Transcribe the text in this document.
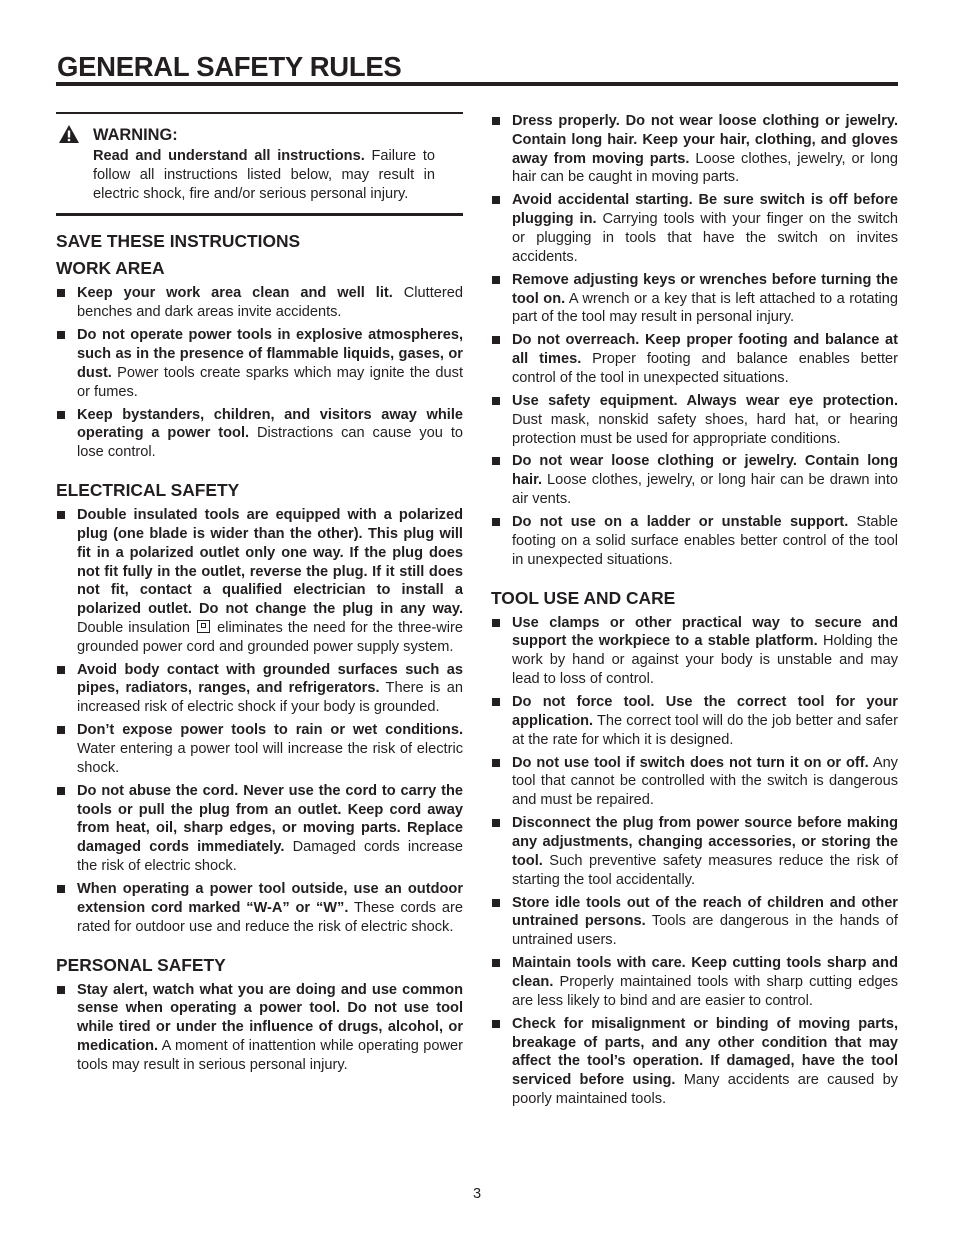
GENERAL SAFETY RULES
WARNING:
Read and understand all instructions. Failure to follow all instructions listed below, may result in electric shock, fire and/or serious personal injury.
SAVE THESE INSTRUCTIONS
WORK AREA
Keep your work area clean and well lit. Cluttered benches and dark areas invite accidents.
Do not operate power tools in explosive atmospheres, such as in the presence of flammable liquids, gases, or dust. Power tools create sparks which may ignite the dust or fumes.
Keep bystanders, children, and visitors away while operating a power tool. Distractions can cause you to lose control.
ELECTRICAL SAFETY
Double insulated tools are equipped with a polarized plug (one blade is wider than the other). This plug will fit in a polarized outlet only one way. If the plug does not fit fully in the outlet, reverse the plug. If it still does not fit, contact a qualified electrician to install a polarized outlet. Do not change the plug in any way. Double insulation  eliminates the need for the three-wire grounded power cord and grounded power supply system.
Avoid body contact with grounded surfaces such as pipes, radiators, ranges, and refrigerators. There is an increased risk of electric shock if your body is grounded.
Don’t expose power tools to rain or wet conditions. Water entering a power tool will increase the risk of electric shock.
Do not abuse the cord. Never use the cord to carry the tools or pull the plug from an outlet. Keep cord away from heat, oil, sharp edges, or moving parts. Replace damaged cords immediately. Damaged cords increase the risk of electric shock.
When operating a power tool outside, use an outdoor extension cord marked “W-A” or “W”. These cords are rated for outdoor use and reduce the risk of electric shock.
PERSONAL SAFETY
Stay alert, watch what you are doing and use common sense when operating a power tool. Do not use tool while tired or under the influence of drugs, alcohol, or medication. A moment of inattention while operating power tools may result in serious personal injury.
Dress properly. Do not wear loose clothing or jewelry. Contain long hair. Keep your hair, clothing, and gloves away from moving parts. Loose clothes, jewelry, or long hair can be caught in moving parts.
Avoid accidental starting. Be sure switch is off before plugging in. Carrying tools with your finger on the switch or plugging in tools that have the switch on invites accidents.
Remove adjusting keys or wrenches before turning the tool on. A wrench or a key that is left attached to a rotating part of the tool may result in personal injury.
Do not overreach. Keep proper footing and balance at all times. Proper footing and balance enables better control of the tool in unexpected situations.
Use safety equipment. Always wear eye protection. Dust mask, nonskid safety shoes, hard hat, or hearing protection must be used for appropriate conditions.
Do not wear loose clothing or jewelry. Contain long hair. Loose clothes, jewelry, or long hair can be drawn into air vents.
Do not use on a ladder or unstable support. Stable footing on a solid surface enables better control of the tool in unexpected situations.
TOOL USE AND CARE
Use clamps or other practical way to secure and support the workpiece to a stable platform. Holding the work by hand or against your body is unstable and may lead to loss of control.
Do not force tool. Use the correct tool for your application. The correct tool will do the job better and safer at the rate for which it is designed.
Do not use tool if switch does not turn it on or off. Any tool that cannot be controlled with the switch is dangerous and must be repaired.
Disconnect the plug from power source before making any adjustments, changing accessories, or storing the tool. Such preventive safety measures reduce the risk of starting the tool accidentally.
Store idle tools out of the reach of children and other untrained persons. Tools are dangerous in the hands of untrained users.
Maintain tools with care. Keep cutting tools sharp and clean. Properly maintained tools with sharp cutting edges are less likely to bind and are easier to control.
Check for misalignment or binding of moving parts, breakage of parts, and any other condition that may affect the tool’s operation. If damaged, have the tool serviced before using. Many accidents are caused by poorly maintained tools.
3
